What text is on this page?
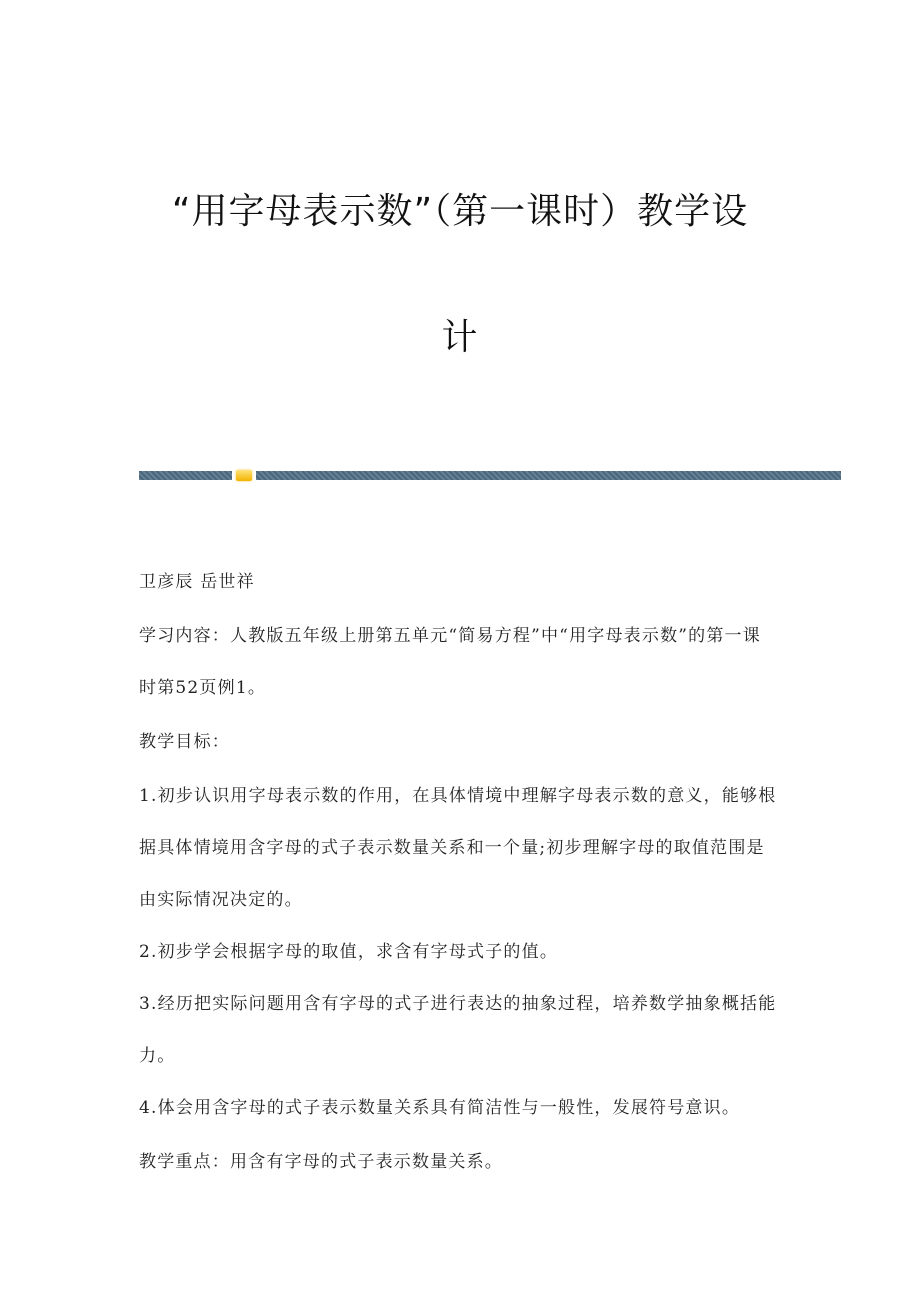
“用字母表示数”（第一课时）教学设
计

卫彦辰 岳世祥

学习内容：人教版五年级上册第五单元“简易方程”中“用字母表示数”的第一课时第52页例1。

教学目标：

1.初步认识用字母表示数的作用，在具体情境中理解字母表示数的意义，能够根据具体情境用含字母的式子表示数量关系和一个量;初步理解字母的取值范围是由实际情况决定的。

2.初步学会根据字母的取值，求含有字母式子的值。

3.经历把实际问题用含有字母的式子进行表达的抽象过程，培养数学抽象概括能力。

4.体会用含字母的式子表示数量关系具有简洁性与一般性，发展符号意识。

教学重点：用含有字母的式子表示数量关系。
